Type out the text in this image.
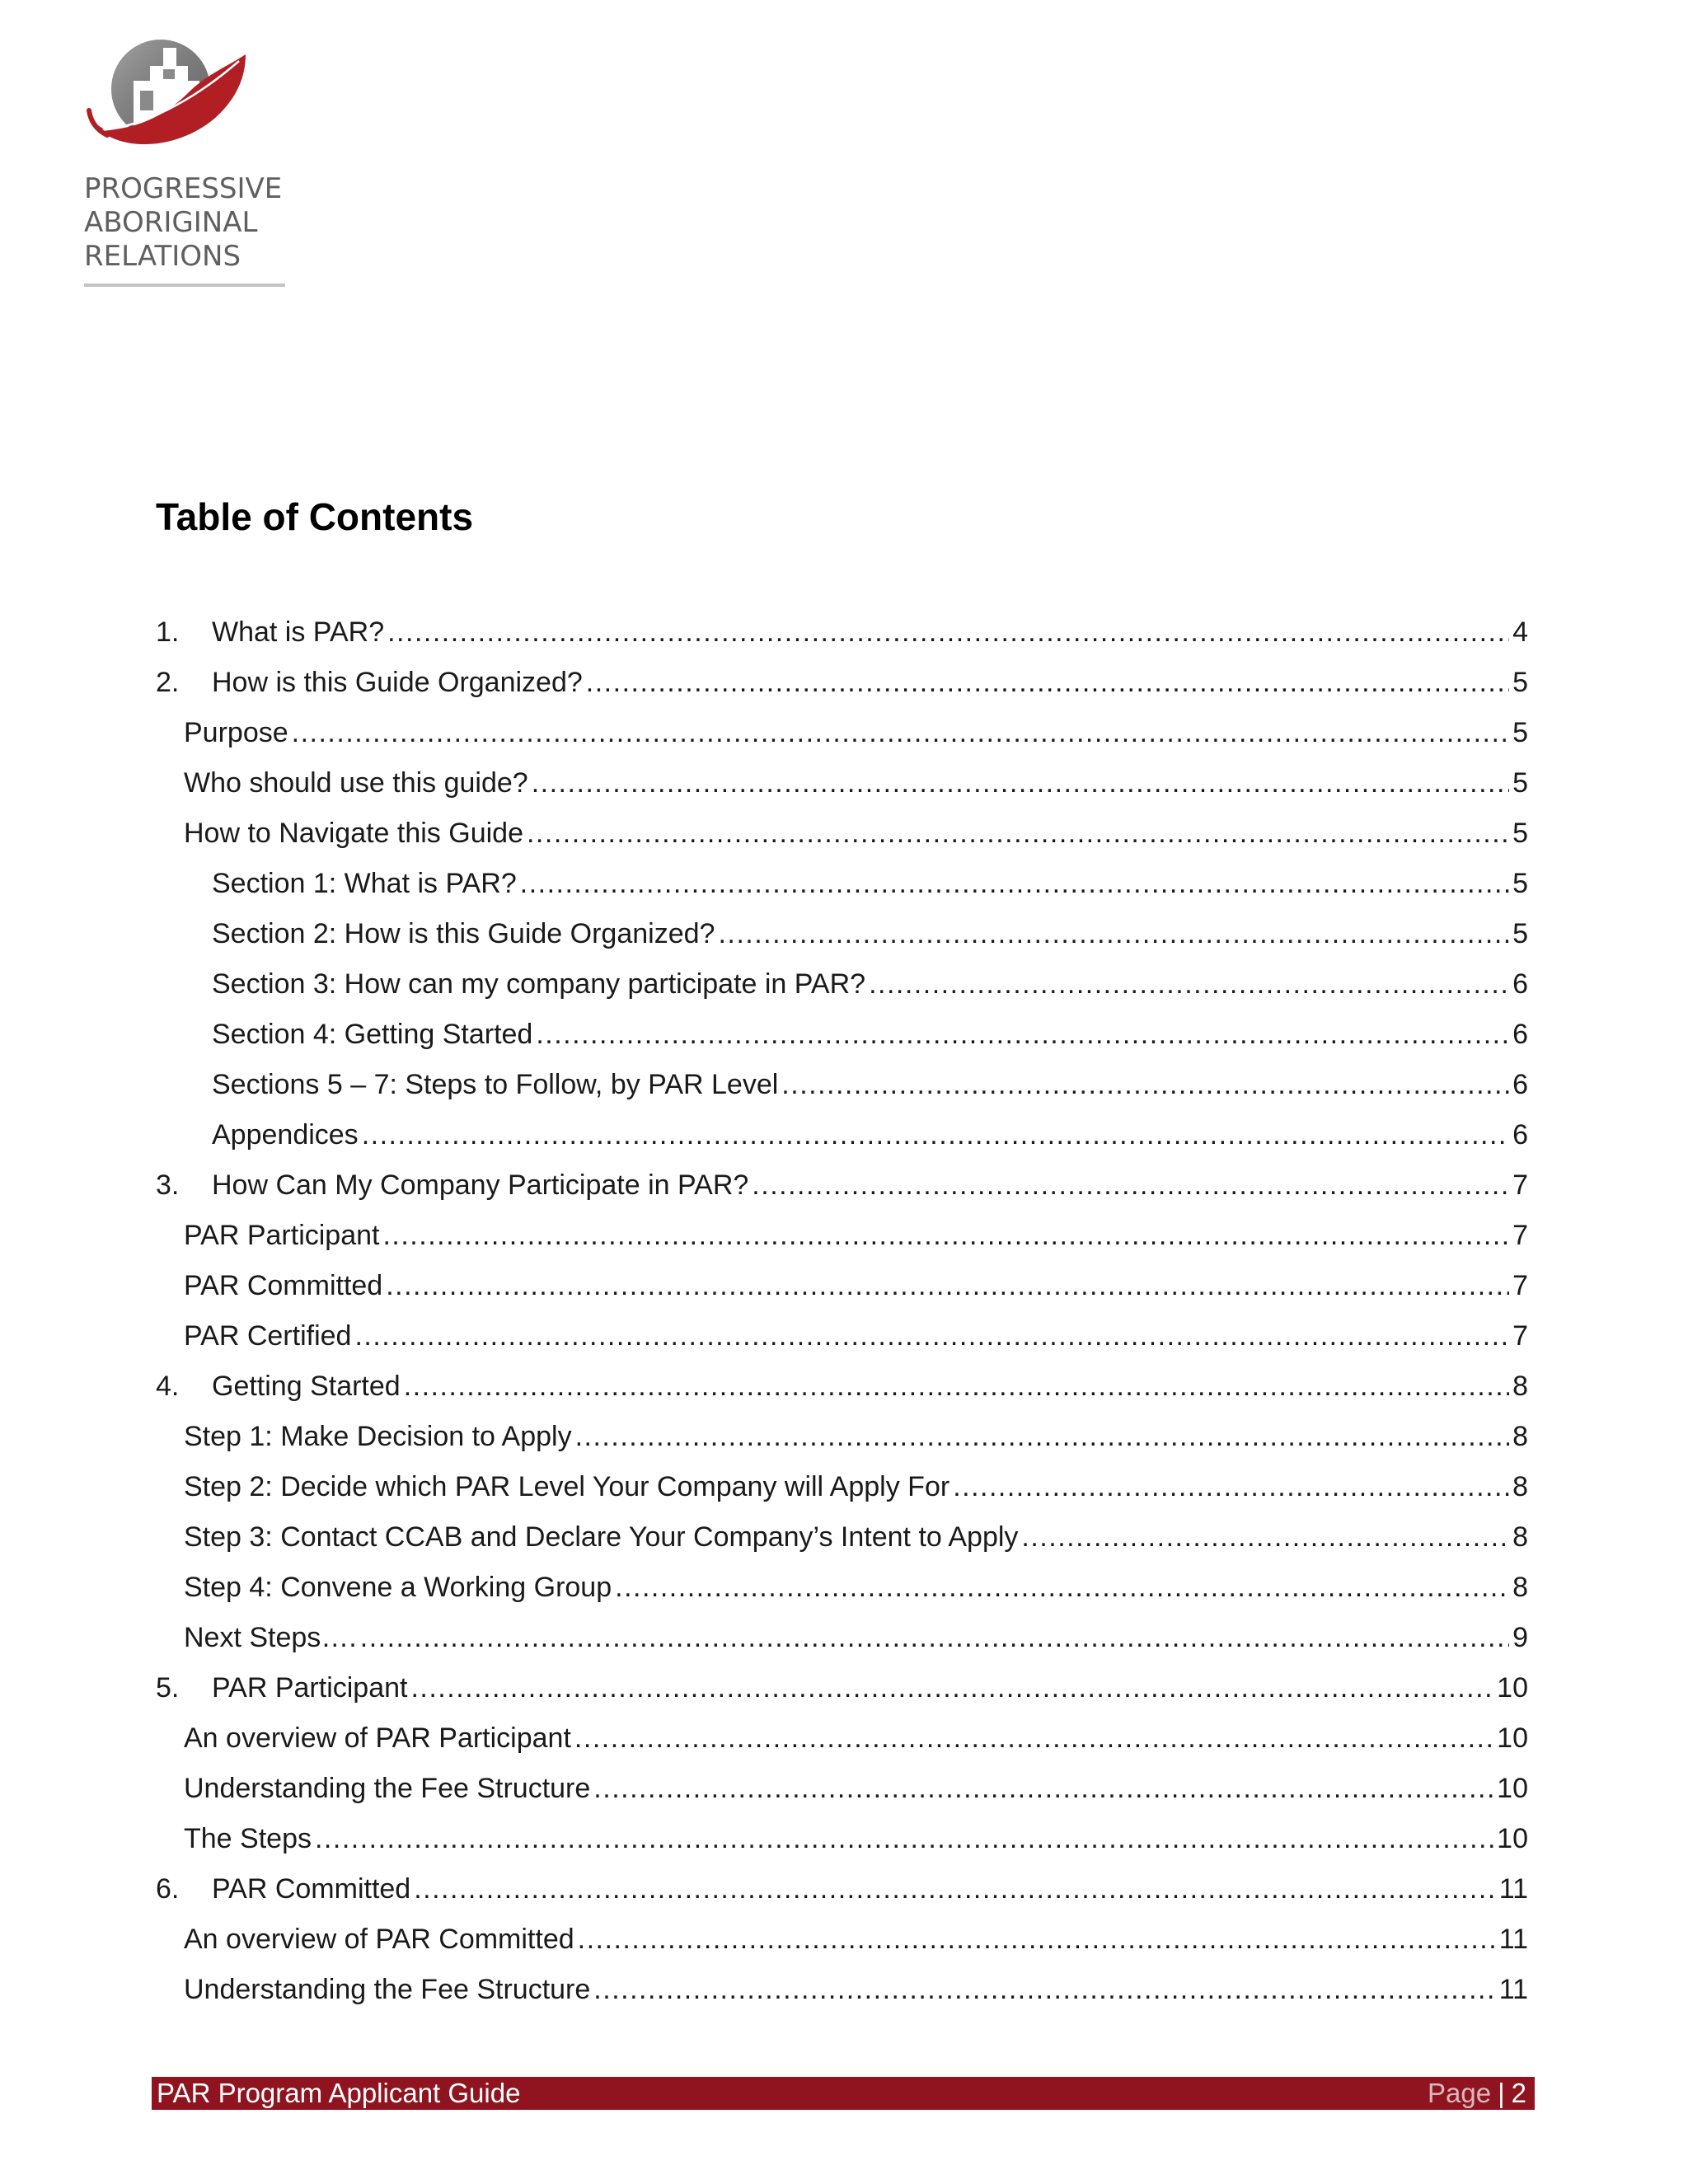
PROGRESSIVE
ABORIGINAL
RELATIONS
Table of Contents
1.	What is PAR? .....	4
2.	How is this Guide Organized? .....	5
Purpose .....	5
Who should use this guide? .....	5
How to Navigate this Guide .....	5
Section 1: What is PAR? .....	5
Section 2: How is this Guide Organized? .....	5
Section 3: How can my company participate in PAR? .....	6
Section 4: Getting Started .....	6
Sections 5 – 7: Steps to Follow, by PAR Level .....	6
Appendices .....	6
3.	How Can My Company Participate in PAR? .....	7
PAR Participant .....	7
PAR Committed .....	7
PAR Certified .....	7
4.	Getting Started .....	8
Step 1: Make Decision to Apply .....	8
Step 2: Decide which PAR Level Your Company will Apply For .....	8
Step 3: Contact CCAB and Declare Your Company’s Intent to Apply .....	8
Step 4: Convene a Working Group .....	8
Next Steps…. .....	9
5.	PAR Participant .....	10
An overview of PAR Participant .....	10
Understanding the Fee Structure .....	10
The Steps .....	10
6.	PAR Committed .....	11
An overview of PAR Committed .....	11
Understanding the Fee Structure .....	11
PAR Program Applicant Guide	Page | 2
